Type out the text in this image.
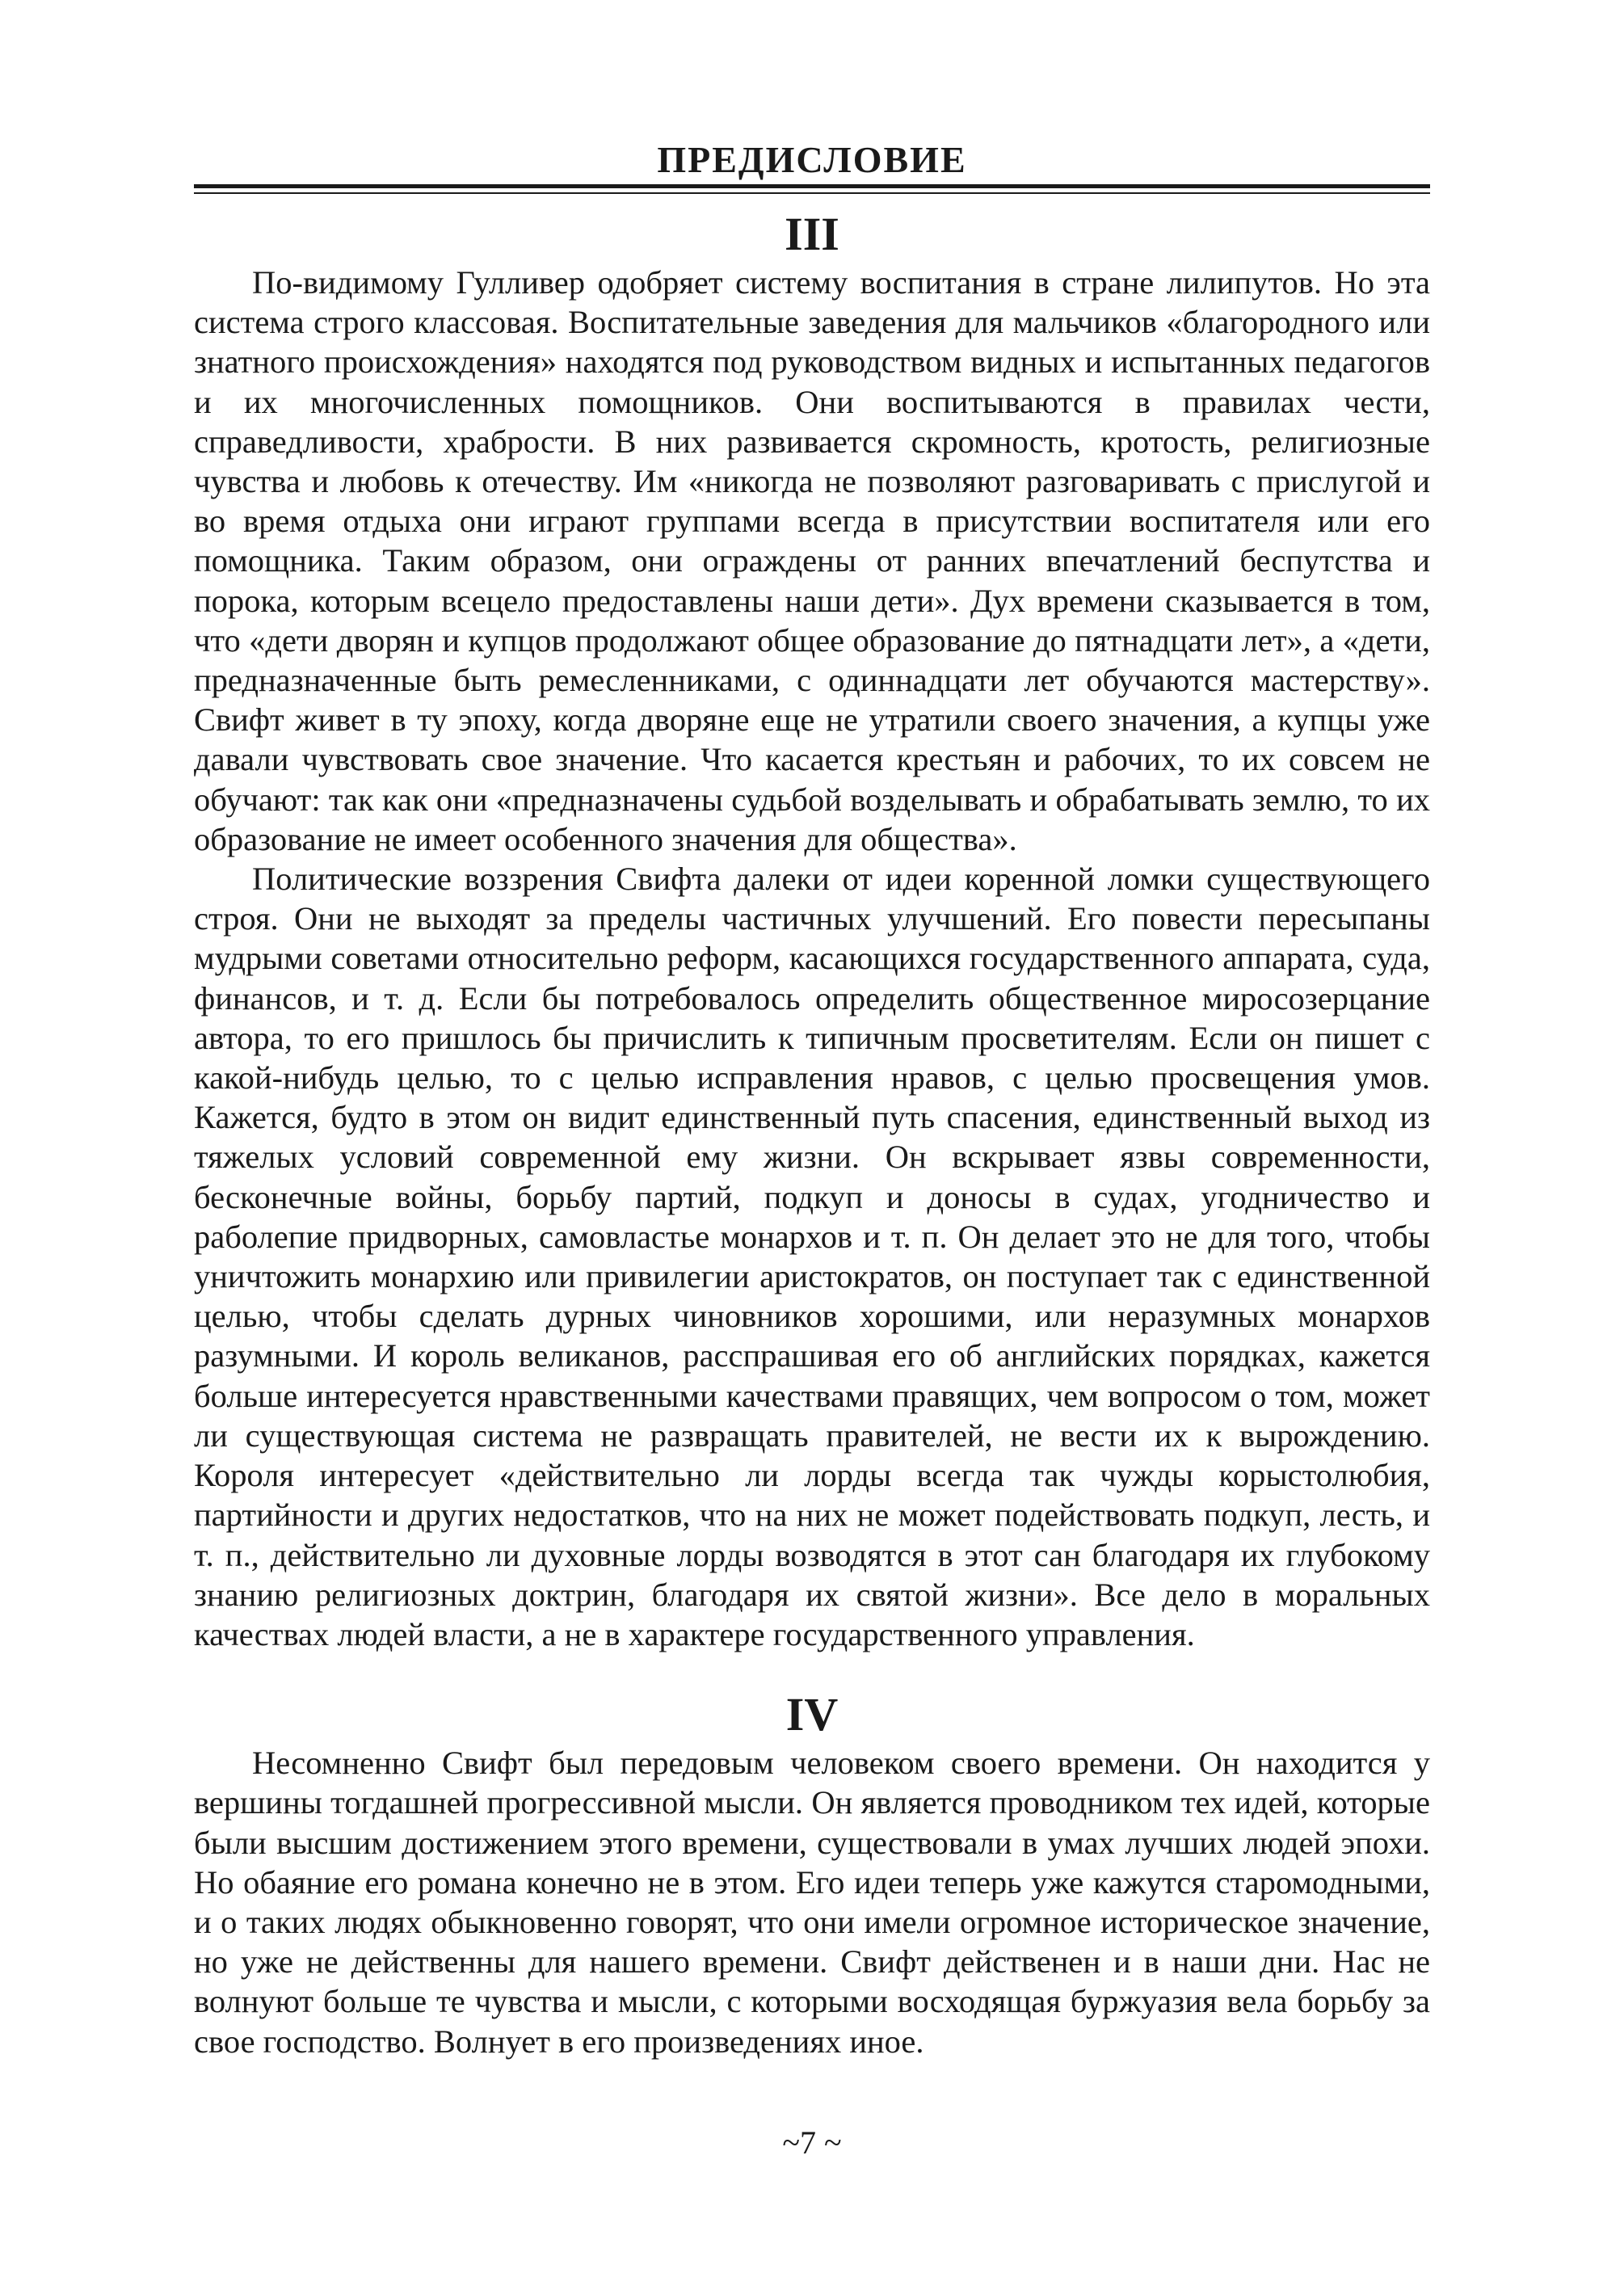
ПРЕДИСЛОВИЕ
III

По-видимому Гулливер одобряет систему воспитания в стране лилипутов. Но эта система строго классовая. Воспитательные заведения для мальчиков «благородного или знатного происхождения» находятся под руководством видных и испытанных педагогов и их многочисленных помощников. Они воспитываются в правилах чести, справедливости, храбрости. В них развивается скромность, кротость, религиозные чувства и любовь к отечеству. Им «никогда не позволяют разговаривать с прислугой и во время отдыха они играют группами всегда в присутствии воспитателя или его помощника. Таким образом, они ограждены от ранних впечатлений беспутства и порока, которым всецело предоставлены наши дети». Дух времени сказывается в том, что «дети дворян и купцов продолжают общее образование до пятнадцати лет», а «дети, предназначенные быть ремесленниками, с одиннадцати лет обучаются мастерству». Свифт живет в ту эпоху, когда дворяне еще не утратили своего значения, а купцы уже давали чувствовать свое значение. Что касается крестьян и рабочих, то их совсем не обучают: так как они «предназначены судьбой возделывать и обрабатывать землю, то их образование не имеет особенного значения для общества».

Политические воззрения Свифта далеки от идеи коренной ломки существующего строя. Они не выходят за пределы частичных улучшений. Его повести пересыпаны мудрыми советами относительно реформ, касающихся государственного аппарата, суда, финансов, и т. д. Если бы потребовалось определить общественное миросозерцание автора, то его пришлось бы причислить к типичным просветителям. Если он пишет с какой-нибудь целью, то с целью исправления нравов, с целью просвещения умов. Кажется, будто в этом он видит единственный путь спасения, единственный выход из тяжелых условий современной ему жизни. Он вскрывает язвы современности, бесконечные войны, борьбу партий, подкуп и доносы в судах, угодничество и раболепие придворных, самовластье монархов и т. п. Он делает это не для того, чтобы уничтожить монархию или привилегии аристократов, он поступает так с единственной целью, чтобы сделать дурных чиновников хорошими, или неразумных монархов разумными. И король великанов, расспрашивая его об английских порядках, кажется больше интересуется нравственными качествами правящих, чем вопросом о том, может ли существующая система не развращать правителей, не вести их к вырождению. Короля интересует «действительно ли лорды всегда так чужды корыстолюбия, партийности и других недостатков, что на них не может подействовать подкуп, лесть, и т. п., действительно ли духовные лорды возводятся в этот сан благодаря их глубокому знанию религиозных доктрин, благодаря их святой жизни». Все дело в моральных качествах людей власти, а не в характере государственного управления.

IV

Несомненно Свифт был передовым человеком своего времени. Он находится у вершины тогдашней прогрессивной мысли. Он является проводником тех идей, которые были высшим достижением этого времени, существовали в умах лучших людей эпохи. Но обаяние его романа конечно не в этом. Его идеи теперь уже кажутся старомодными, и о таких людях обыкновенно говорят, что они имели огромное историческое значение, но уже не действенны для нашего времени. Свифт действенен и в наши дни. Нас не волнуют больше те чувства и мысли, с которыми восходящая буржуазия вела борьбу за свое господство. Волнует в его произведениях иное.

~7 ~
